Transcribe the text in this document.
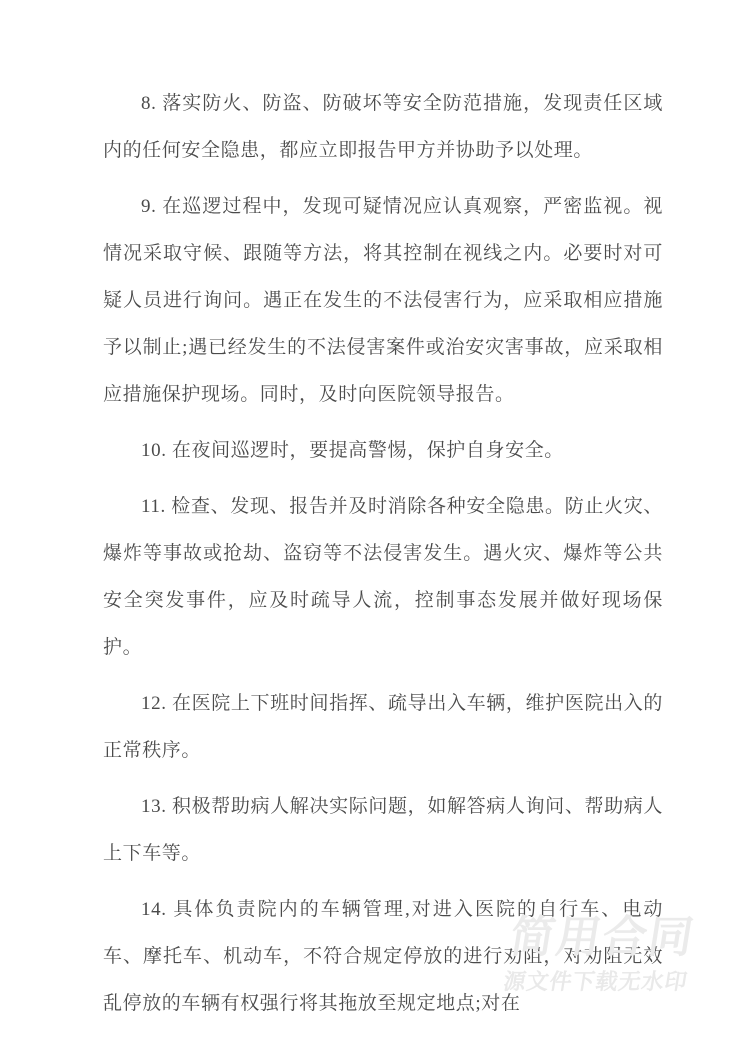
8. 落实防火、防盗、防破坏等安全防范措施，发现责任区域内的任何安全隐患，都应立即报告甲方并协助予以处理。

9. 在巡逻过程中，发现可疑情况应认真观察，严密监视。视情况采取守候、跟随等方法，将其控制在视线之内。必要时对可疑人员进行询问。遇正在发生的不法侵害行为，应采取相应措施予以制止;遇已经发生的不法侵害案件或治安灾害事故，应采取相应措施保护现场。同时，及时向医院领导报告。

10. 在夜间巡逻时，要提高警惕，保护自身安全。

11. 检查、发现、报告并及时消除各种安全隐患。防止火灾、爆炸等事故或抢劫、盗窃等不法侵害发生。遇火灾、爆炸等公共安全突发事件，应及时疏导人流，控制事态发展并做好现场保护。

12. 在医院上下班时间指挥、疏导出入车辆，维护医院出入的正常秩序。

13. 积极帮助病人解决实际问题，如解答病人询问、帮助病人上下车等。

14. 具体负责院内的车辆管理,对进入医院的自行车、电动车、摩托车、机动车，不符合规定停放的进行劝阻，对劝阻无效乱停放的车辆有权强行将其拖放至规定地点;对在

简用合同
源文件下载无水印
